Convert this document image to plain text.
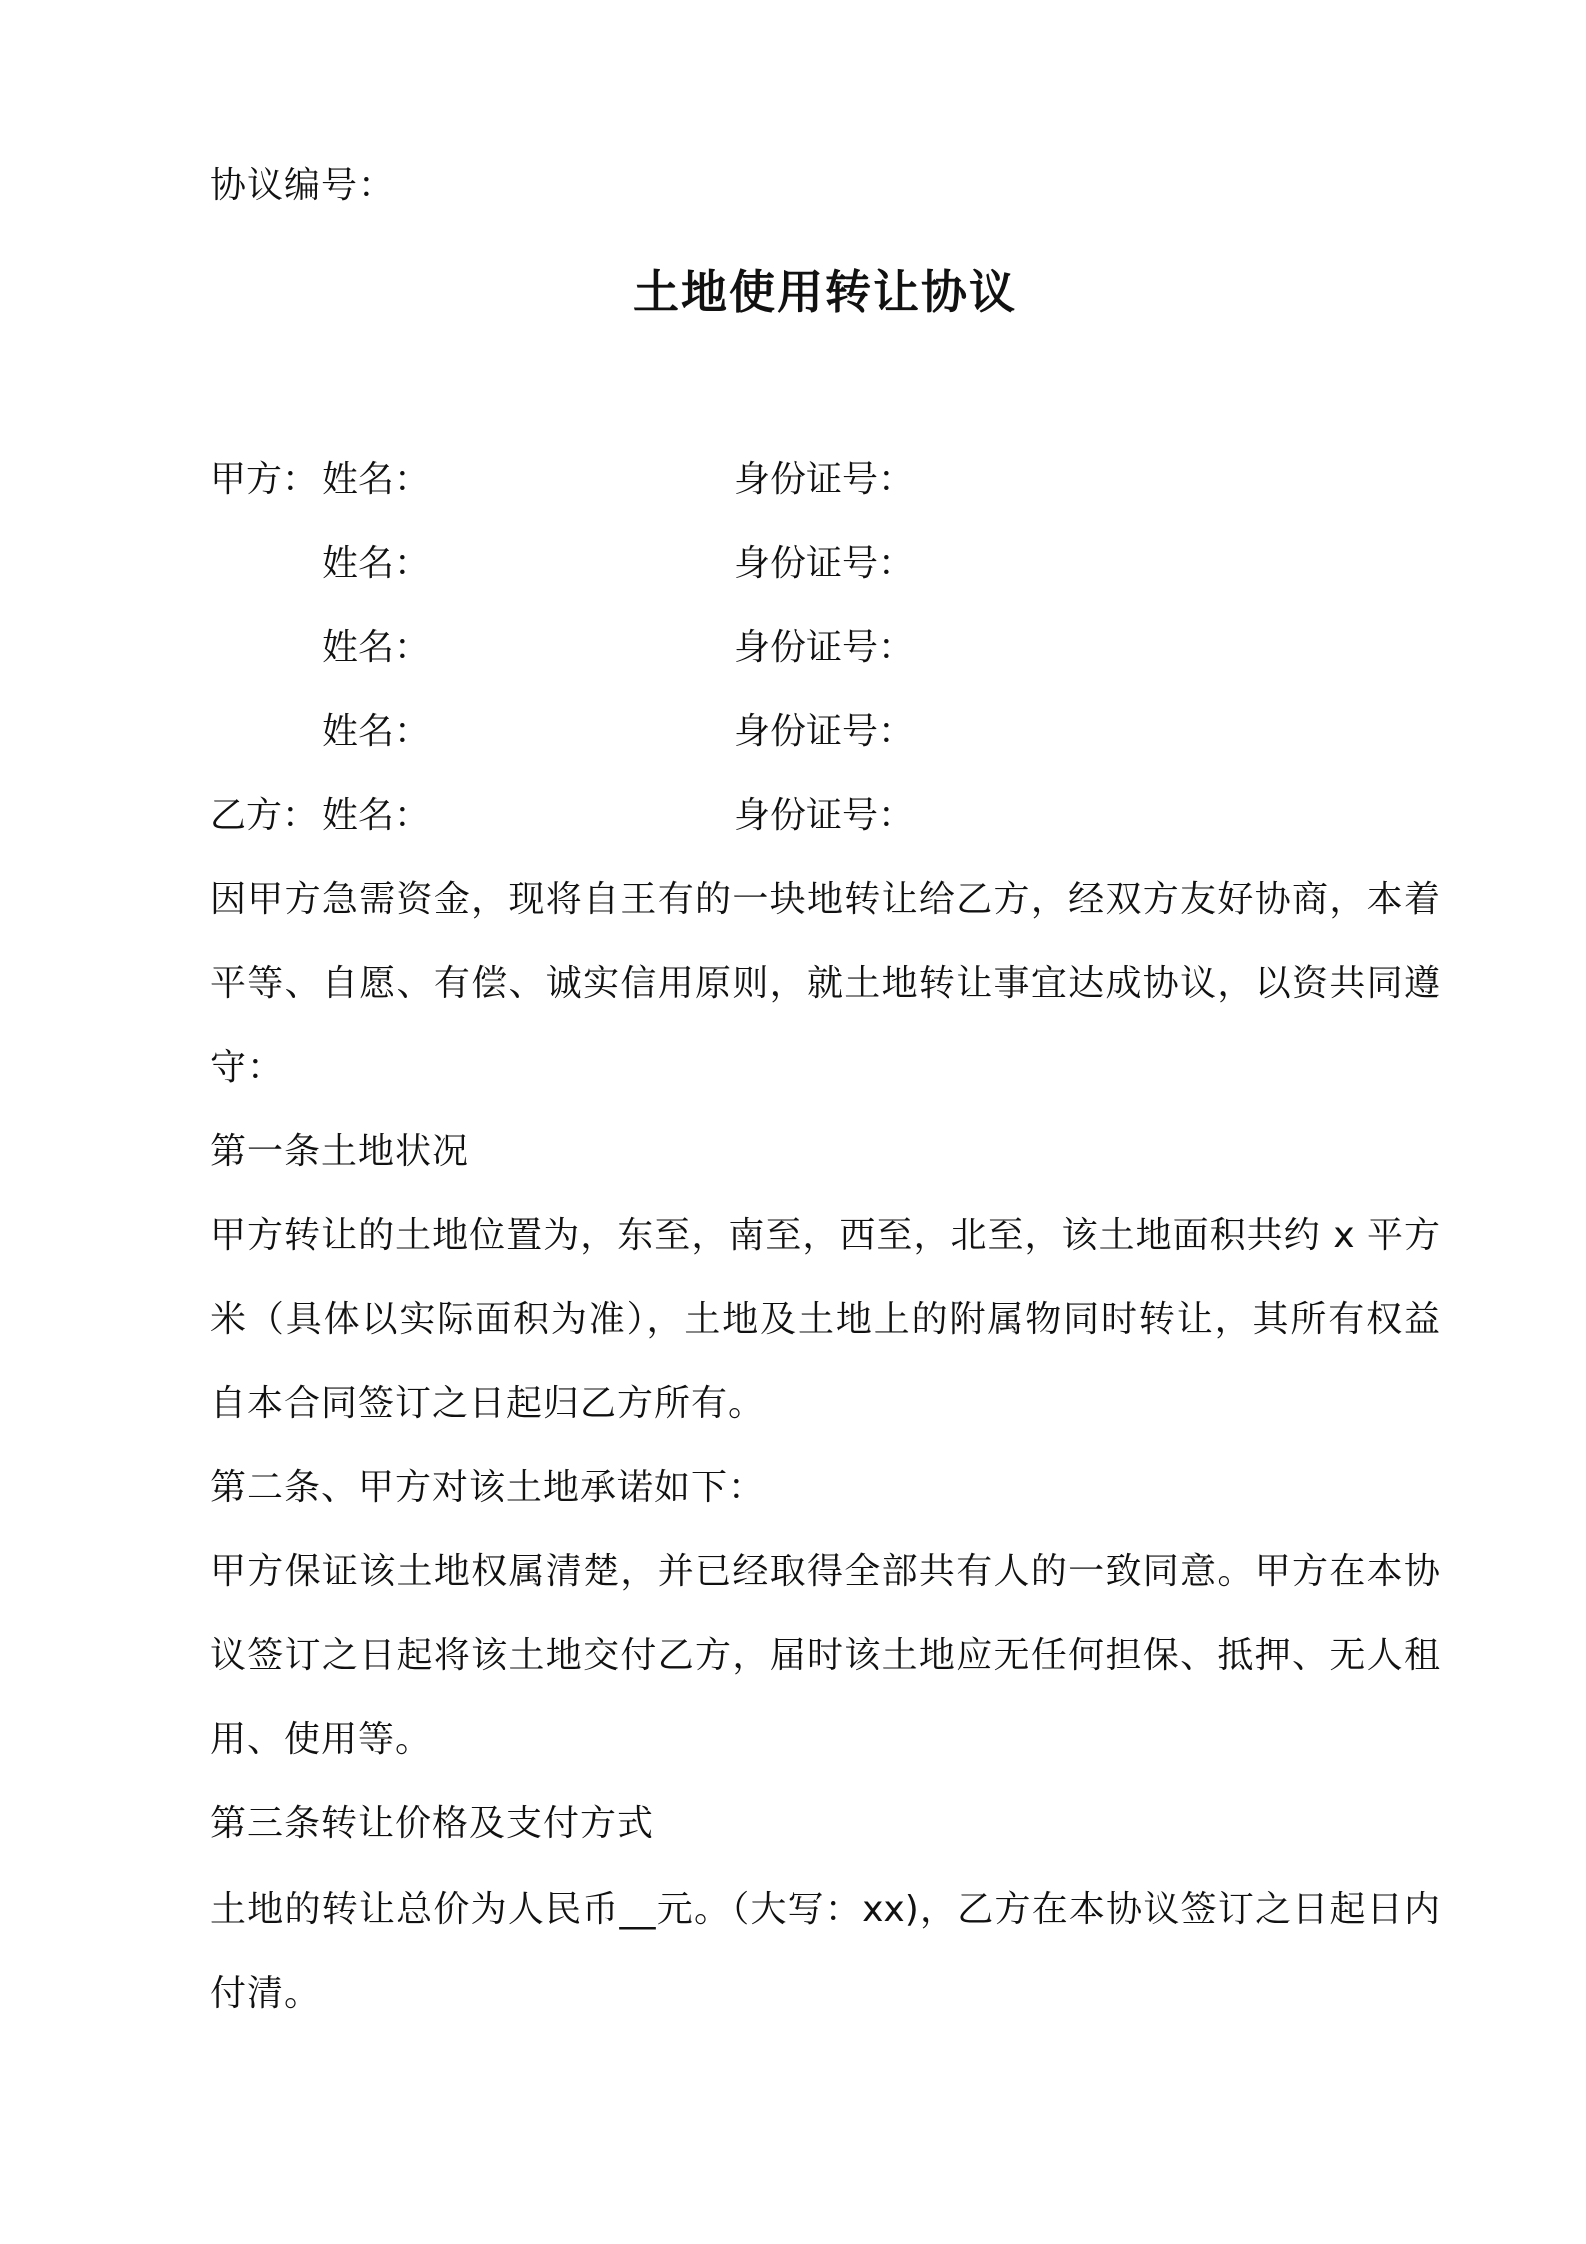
协议编号：
土地使用转让协议
甲方： 姓名：	身份证号：
姓名：	身份证号：
姓名：	身份证号：
姓名：	身份证号：
乙方： 姓名：	身份证号：
因甲方急需资金，现将自王有的一块地转让给乙方，经双方友好协商，本着
平等、自愿、有偿、诚实信用原则，就土地转让事宜达成协议，以资共同遵
守：
第一条土地状况
甲方转让的土地位置为，东至，南至，西至，北至，该土地面积共约 x 平方
米（具体以实际面积为准），土地及土地上的附属物同时转让，其所有权益
自本合同签订之日起归乙方所有。
第二条、甲方对该土地承诺如下：
甲方保证该土地权属清楚，并已经取得全部共有人的一致同意。甲方在本协
议签订之日起将该土地交付乙方，届时该土地应无任何担保、抵押、无人租
用、使用等。
第三条转让价格及支付方式
土地的转让总价为人民币__元。（大写：xx)，乙方在本协议签订之日起日内
付清。
